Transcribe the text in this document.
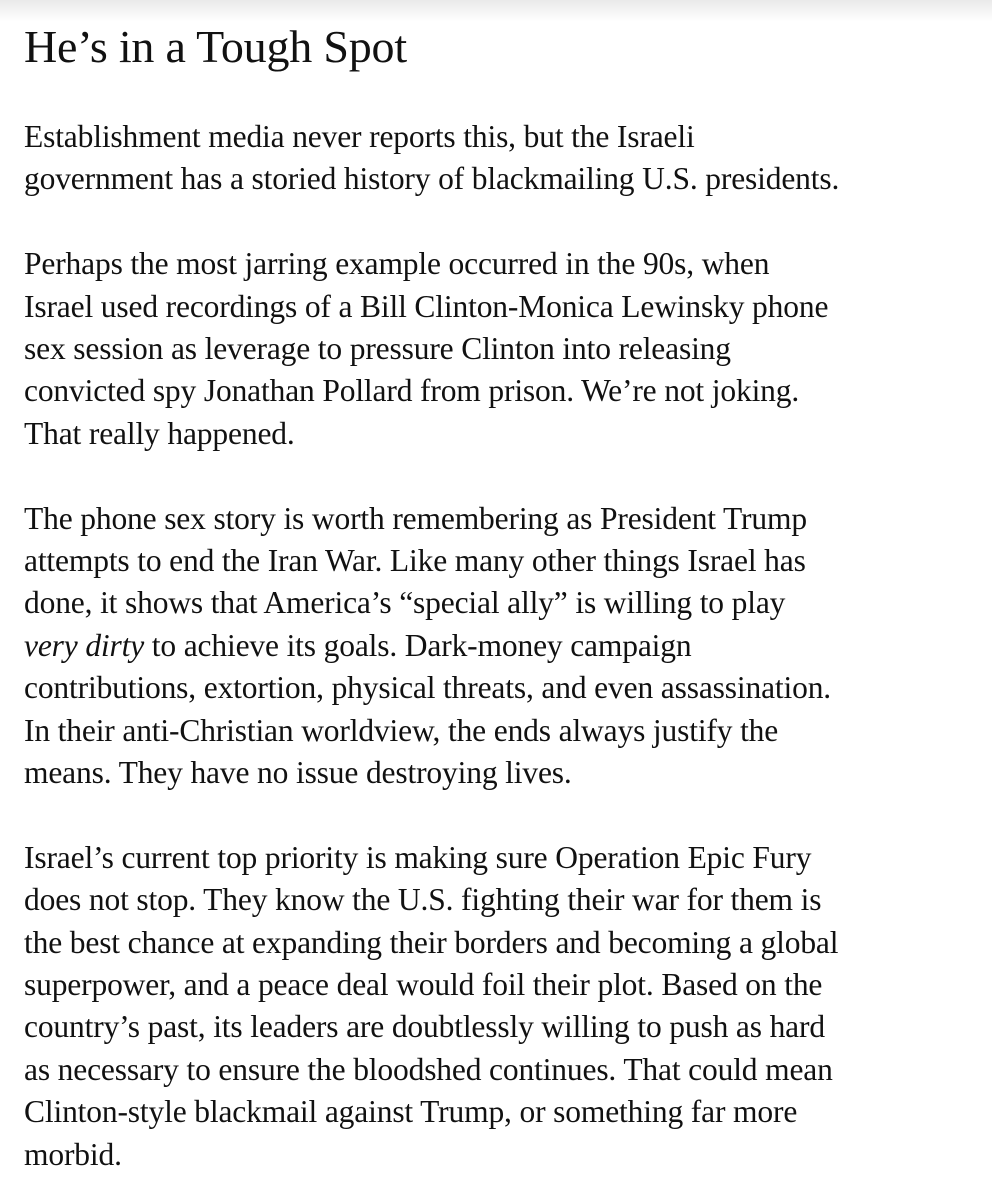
He’s in a Tough Spot

Establishment media never reports this, but the Israeli
government has a storied history of blackmailing U.S. presidents.

Perhaps the most jarring example occurred in the 90s, when
Israel used recordings of a Bill Clinton-Monica Lewinsky phone
sex session as leverage to pressure Clinton into releasing
convicted spy Jonathan Pollard from prison. We’re not joking.
That really happened.

The phone sex story is worth remembering as President Trump
attempts to end the Iran War. Like many other things Israel has
done, it shows that America’s “special ally” is willing to play
very dirty to achieve its goals. Dark-money campaign
contributions, extortion, physical threats, and even assassination.
In their anti-Christian worldview, the ends always justify the
means. They have no issue destroying lives.

Israel’s current top priority is making sure Operation Epic Fury
does not stop. They know the U.S. fighting their war for them is
the best chance at expanding their borders and becoming a global
superpower, and a peace deal would foil their plot. Based on the
country’s past, its leaders are doubtlessly willing to push as hard
as necessary to ensure the bloodshed continues. That could mean
Clinton-style blackmail against Trump, or something far more
morbid.
